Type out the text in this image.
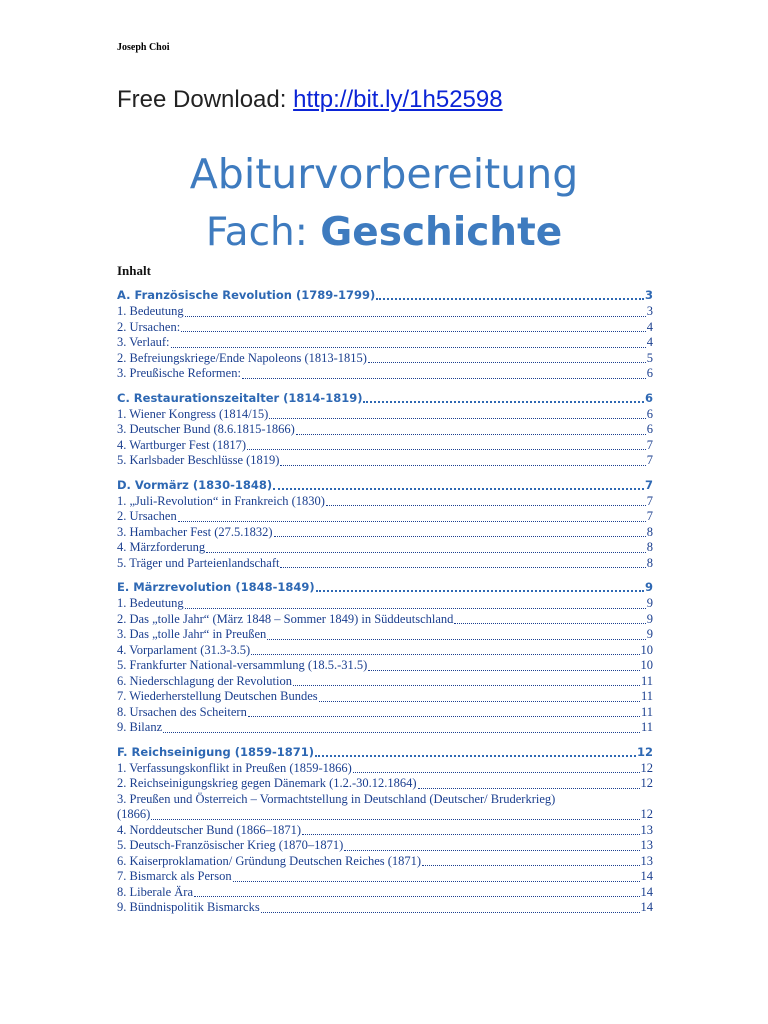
Joseph Choi
Free Download: http://bit.ly/1h52598
Abiturvorbereitung
Fach: Geschichte
Inhalt
A. Französische Revolution (1789-1799)	3
1. Bedeutung	3
2. Ursachen:	4
3. Verlauf:	4
2. Befreiungskriege/Ende Napoleons (1813-1815)	5
3. Preußische Reformen:	6
C. Restaurationszeitalter (1814-1819)	6
1. Wiener Kongress (1814/15)	6
3. Deutscher Bund (8.6.1815-1866)	6
4. Wartburger Fest (1817)	7
5. Karlsbader Beschlüsse (1819)	7
D. Vormärz (1830-1848)	7
1. „Juli-Revolution“ in Frankreich (1830)	7
2. Ursachen	7
3. Hambacher Fest (27.5.1832)	8
4. Märzforderung	8
5. Träger und Parteienlandschaft	8
E. Märzrevolution (1848-1849)	9
1. Bedeutung	9
2. Das „tolle Jahr“ (März 1848 – Sommer 1849) in Süddeutschland	9
3. Das „tolle Jahr“ in Preußen	9
4. Vorparlament (31.3-3.5)	10
5. Frankfurter National-versammlung (18.5.-31.5)	10
6. Niederschlagung der Revolution	11
7. Wiederherstellung Deutschen Bundes	11
8. Ursachen des Scheitern	11
9. Bilanz	11
F. Reichseinigung (1859-1871)	12
1. Verfassungskonflikt in Preußen (1859-1866)	12
2. Reichseinigungskrieg gegen Dänemark (1.2.-30.12.1864)	12
3. Preußen und Österreich – Vormachtstellung in Deutschland (Deutscher/ Bruderkrieg)
(1866)	12
4. Norddeutscher Bund (1866–1871)	13
5. Deutsch-Französischer Krieg (1870–1871)	13
6. Kaiserproklamation/ Gründung Deutschen Reiches (1871)	13
7. Bismarck als Person	14
8. Liberale Ära	14
9. Bündnispolitik Bismarcks	14
